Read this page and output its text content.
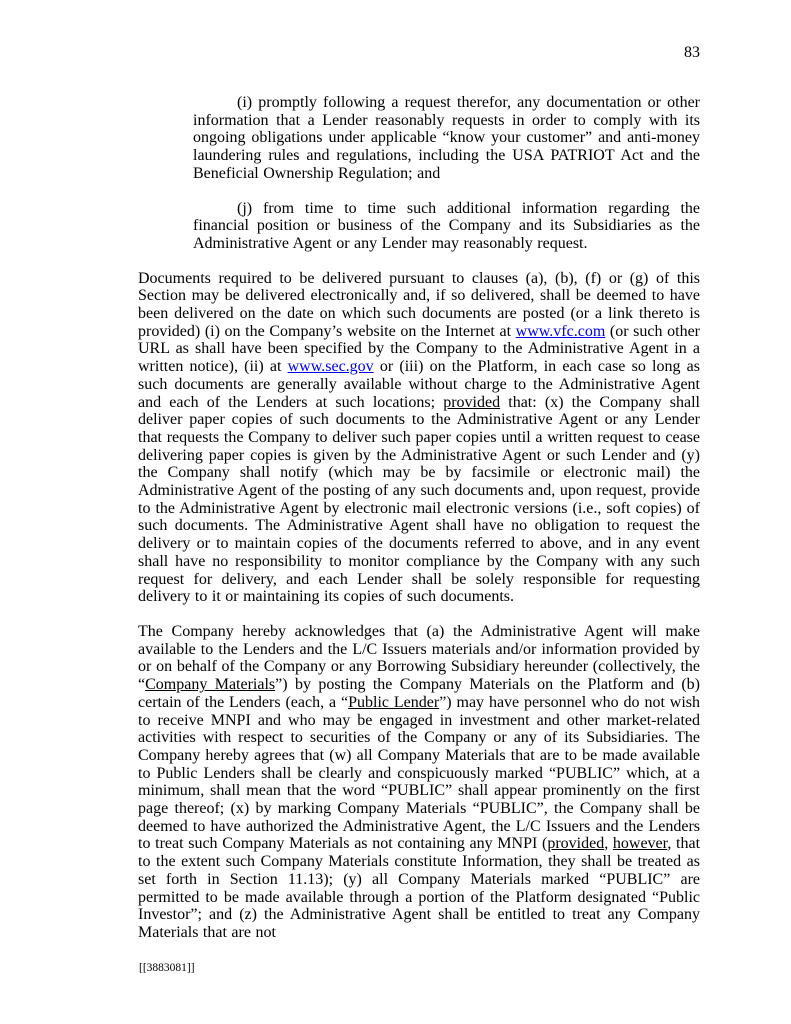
83

(i) promptly following a request therefor, any documentation or other information that a Lender reasonably requests in order to comply with its ongoing obligations under applicable “know your customer” and anti-money laundering rules and regulations, including the USA PATRIOT Act and the Beneficial Ownership Regulation; and

(j) from time to time such additional information regarding the financial position or business of the Company and its Subsidiaries as the Administrative Agent or any Lender may reasonably request.

Documents required to be delivered pursuant to clauses (a), (b), (f) or (g) of this Section may be delivered electronically and, if so delivered, shall be deemed to have been delivered on the date on which such documents are posted (or a link thereto is provided) (i) on the Company’s website on the Internet at www.vfc.com (or such other URL as shall have been specified by the Company to the Administrative Agent in a written notice), (ii) at www.sec.gov or (iii) on the Platform, in each case so long as such documents are generally available without charge to the Administrative Agent and each of the Lenders at such locations; provided that: (x) the Company shall deliver paper copies of such documents to the Administrative Agent or any Lender that requests the Company to deliver such paper copies until a written request to cease delivering paper copies is given by the Administrative Agent or such Lender and (y) the Company shall notify (which may be by facsimile or electronic mail) the Administrative Agent of the posting of any such documents and, upon request, provide to the Administrative Agent by electronic mail electronic versions (i.e., soft copies) of such documents. The Administrative Agent shall have no obligation to request the delivery or to maintain copies of the documents referred to above, and in any event shall have no responsibility to monitor compliance by the Company with any such request for delivery, and each Lender shall be solely responsible for requesting delivery to it or maintaining its copies of such documents.

The Company hereby acknowledges that (a) the Administrative Agent will make available to the Lenders and the L/C Issuers materials and/or information provided by or on behalf of the Company or any Borrowing Subsidiary hereunder (collectively, the “Company Materials”) by posting the Company Materials on the Platform and (b) certain of the Lenders (each, a “Public Lender”) may have personnel who do not wish to receive MNPI and who may be engaged in investment and other market-related activities with respect to securities of the Company or any of its Subsidiaries. The Company hereby agrees that (w) all Company Materials that are to be made available to Public Lenders shall be clearly and conspicuously marked “PUBLIC” which, at a minimum, shall mean that the word “PUBLIC” shall appear prominently on the first page thereof; (x) by marking Company Materials “PUBLIC”, the Company shall be deemed to have authorized the Administrative Agent, the L/C Issuers and the Lenders to treat such Company Materials as not containing any MNPI (provided, however, that to the extent such Company Materials constitute Information, they shall be treated as set forth in Section 11.13); (y) all Company Materials marked “PUBLIC” are permitted to be made available through a portion of the Platform designated “Public Investor”; and (z) the Administrative Agent shall be entitled to treat any Company Materials that are not

[[3883081]]
